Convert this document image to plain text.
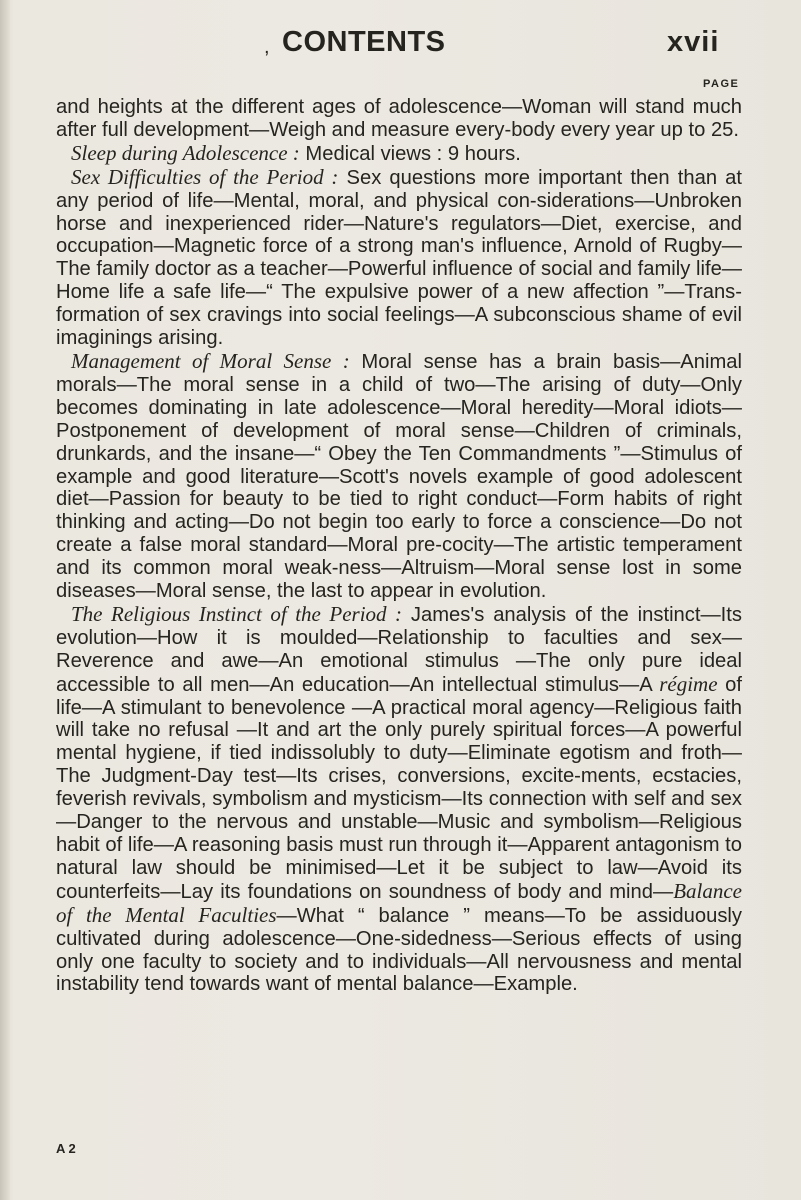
, CONTENTS	xvii
PAGE

and heights at the different ages of adolescence—Woman will stand much after full development—Weigh and measure every-body every year up to 25.

Sleep during Adolescence : Medical views : 9 hours.

Sex Difficulties of the Period : Sex questions more important then than at any period of life—Mental, moral, and physical con-siderations—Unbroken horse and inexperienced rider—Nature's regulators—Diet, exercise, and occupation—Magnetic force of a strong man's influence, Arnold of Rugby—The family doctor as a teacher—Powerful influence of social and family life—Home life a safe life—“ The expulsive power of a new affection ”—Trans-formation of sex cravings into social feelings—A subconscious shame of evil imaginings arising.

Management of Moral Sense : Moral sense has a brain basis—Animal morals—The moral sense in a child of two—The arising of duty—Only becomes dominating in late adolescence—Moral heredity—Moral idiots—Postponement of development of moral sense—Children of criminals, drunkards, and the insane—“ Obey the Ten Commandments ”—Stimulus of example and good literature—Scott's novels example of good adolescent diet—Passion for beauty to be tied to right conduct—Form habits of right thinking and acting—Do not begin too early to force a conscience—Do not create a false moral standard—Moral pre-cocity—The artistic temperament and its common moral weak-ness—Altruism—Moral sense lost in some diseases—Moral sense, the last to appear in evolution.

The Religious Instinct of the Period : James's analysis of the instinct—Its evolution—How it is moulded—Relationship to faculties and sex—Reverence and awe—An emotional stimulus —The only pure ideal accessible to all men—An education—An intellectual stimulus—A régime of life—A stimulant to benevolence —A practical moral agency—Religious faith will take no refusal —It and art the only purely spiritual forces—A powerful mental hygiene, if tied indissolubly to duty—Eliminate egotism and froth—The Judgment-Day test—Its crises, conversions, excite-ments, ecstacies, feverish revivals, symbolism and mysticism—Its connection with self and sex—Danger to the nervous and unstable—Music and symbolism—Religious habit of life—A reasoning basis must run through it—Apparent antagonism to natural law should be minimised—Let it be subject to law—Avoid its counterfeits—Lay its foundations on soundness of body and mind—Balance of the Mental Faculties—What “ balance ” means—To be assiduously cultivated during adolescence—One-sidedness—Serious effects of using only one faculty to society and to individuals—All nervousness and mental instability tend towards want of mental balance—Example.

A 2
